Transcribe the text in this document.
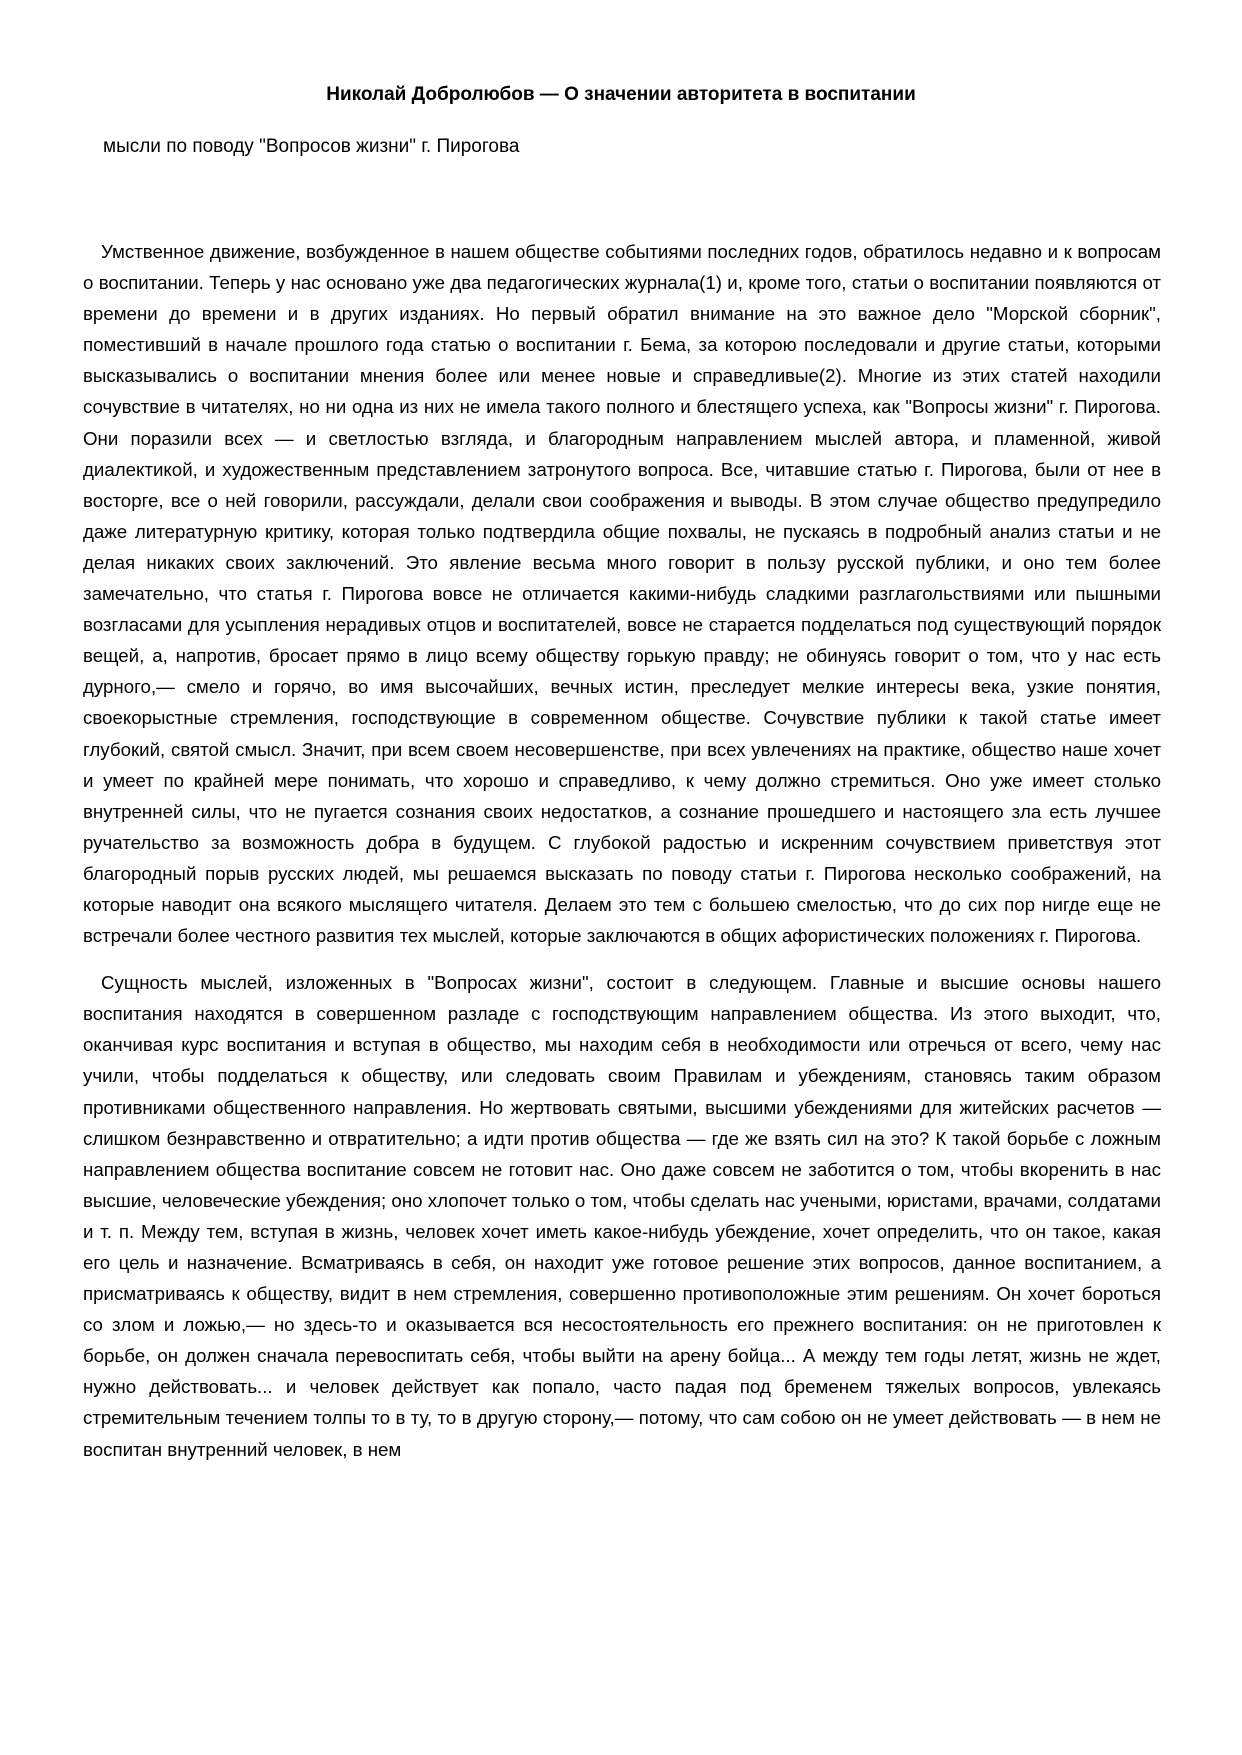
Николай Добролюбов — О значении авторитета в воспитании
мысли по поводу "Вопросов жизни" г. Пирогова

Умственное движение, возбужденное в нашем обществе событиями последних годов, обратилось недавно и к вопросам о воспитании. Теперь у нас основано уже два педагогических журнала(1) и, кроме того, статьи о воспитании появляются от времени до времени и в других изданиях. Но первый обратил внимание на это важное дело "Морской сборник", поместивший в начале прошлого года статью о воспитании г. Бема, за которою последовали и другие статьи, которыми высказывались о воспитании мнения более или менее новые и справедливые(2). Многие из этих статей находили сочувствие в читателях, но ни одна из них не имела такого полного и блестящего успеха, как "Вопросы жизни" г. Пирогова. Они поразили всех — и светлостью взгляда, и благородным направлением мыслей автора, и пламенной, живой диалектикой, и художественным представлением затронутого вопроса. Все, читавшие статью г. Пирогова, были от нее в восторге, все о ней говорили, рассуждали, делали свои соображения и выводы. В этом случае общество предупредило даже литературную критику, которая только подтвердила общие похвалы, не пускаясь в подробный анализ статьи и не делая никаких своих заключений. Это явление весьма много говорит в пользу русской публики, и оно тем более замечательно, что статья г. Пирогова вовсе не отличается какими-нибудь сладкими разглагольствиями или пышными возгласами для усыпления нерадивых отцов и воспитателей, вовсе не старается подделаться под существующий порядок вещей, а, напротив, бросает прямо в лицо всему обществу горькую правду; не обинуясь говорит о том, что у нас есть дурного,— смело и горячо, во имя высочайших, вечных истин, преследует мелкие интересы века, узкие понятия, своекорыстные стремления, господствующие в современном обществе. Сочувствие публики к такой статье имеет глубокий, святой смысл. Значит, при всем своем несовершенстве, при всех увлечениях на практике, общество наше хочет и умеет по крайней мере понимать, что хорошо и справедливо, к чему должно стремиться. Оно уже имеет столько внутренней силы, что не пугается сознания своих недостатков, а сознание прошедшего и настоящего зла есть лучшее ручательство за возможность добра в будущем. С глубокой радостью и искренним сочувствием приветствуя этот благородный порыв русских людей, мы решаемся высказать по поводу статьи г. Пирогова несколько соображений, на которые наводит она всякого мыслящего читателя. Делаем это тем с большею смелостью, что до сих пор нигде еще не встречали более честного развития тех мыслей, которые заключаются в общих афористических положениях г. Пирогова.

Сущность мыслей, изложенных в "Вопросах жизни", состоит в следующем. Главные и высшие основы нашего воспитания находятся в совершенном разладе с господствующим направлением общества. Из этого выходит, что, оканчивая курс воспитания и вступая в общество, мы находим себя в необходимости или отречься от всего, чему нас учили, чтобы подделаться к обществу, или следовать своим Правилам и убеждениям, становясь таким образом противниками общественного направления. Но жертвовать святыми, высшими убеждениями для житейских расчетов — слишком безнравственно и отвратительно; а идти против общества — где же взять сил на это? К такой борьбе с ложным направлением общества воспитание совсем не готовит нас. Оно даже совсем не заботится о том, чтобы вкоренить в нас высшие, человеческие убеждения; оно хлопочет только о том, чтобы сделать нас учеными, юристами, врачами, солдатами и т. п. Между тем, вступая в жизнь, человек хочет иметь какое-нибудь убеждение, хочет определить, что он такое, какая его цель и назначение. Всматриваясь в себя, он находит уже готовое решение этих вопросов, данное воспитанием, а присматриваясь к обществу, видит в нем стремления, совершенно противоположные этим решениям. Он хочет бороться со злом и ложью,— но здесь-то и оказывается вся несостоятельность его прежнего воспитания: он не приготовлен к борьбе, он должен сначала перевоспитать себя, чтобы выйти на арену бойца... А между тем годы летят, жизнь не ждет, нужно действовать... и человек действует как попало, часто падая под бременем тяжелых вопросов, увлекаясь стремительным течением толпы то в ту, то в другую сторону,— потому, что сам собою он не умеет действовать — в нем не воспитан внутренний человек, в нем
